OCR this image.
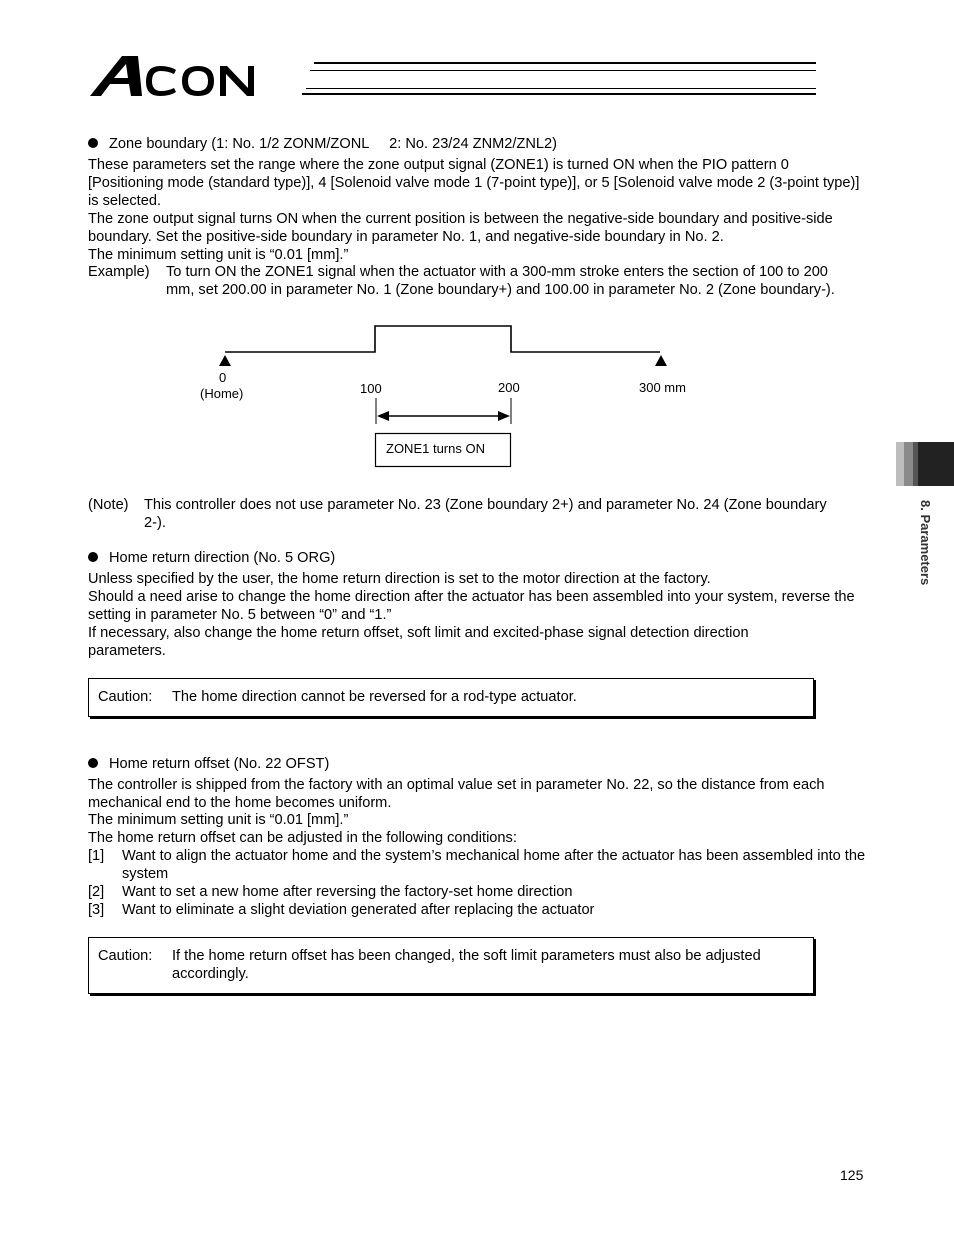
Zone boundary (1: No. 1/2 ZONM/ZONL     2: No. 23/24 ZNM2/ZNL2)

These parameters set the range where the zone output signal (ZONE1) is turned ON when the PIO pattern 0 [Positioning mode (standard type)], 4 [Solenoid valve mode 1 (7-point type)], or 5 [Solenoid valve mode 2 (3-point type)] is selected.

The zone output signal turns ON when the current position is between the negative-side boundary and positive-side boundary. Set the positive-side boundary in parameter No. 1, and negative-side boundary in No. 2.

The minimum setting unit is “0.01 [mm].”

Example) To turn ON the ZONE1 signal when the actuator with a 300-mm stroke enters the section of 100 to 200 mm, set 200.00 in parameter No. 1 (Zone boundary+) and 100.00 in parameter No. 2 (Zone boundary-).

0
(Home)	100	200	300 mm
ZONE1 turns ON
(Note) This controller does not use parameter No. 23 (Zone boundary 2+) and parameter No. 24 (Zone boundary 2-).

Home return direction (No. 5 ORG)

Unless specified by the user, the home return direction is set to the motor direction at the factory.

Should a need arise to change the home direction after the actuator has been assembled into your system, reverse the setting in parameter No. 5 between “0” and “1.”

If necessary, also change the home return offset, soft limit and excited-phase signal detection direction parameters.

Caution: The home direction cannot be reversed for a rod-type actuator.
Home return offset (No. 22 OFST)

The controller is shipped from the factory with an optimal value set in parameter No. 22, so the distance from each mechanical end to the home becomes uniform.

The minimum setting unit is “0.01 [mm].”

The home return offset can be adjusted in the following conditions:

[1] Want to align the actuator home and the system’s mechanical home after the actuator has been assembled into the system

[2] Want to set a new home after reversing the factory-set home direction

[3] Want to eliminate a slight deviation generated after replacing the actuator

Caution: If the home return offset has been changed, the soft limit parameters must also be adjusted accordingly.
8. Parameters
125
